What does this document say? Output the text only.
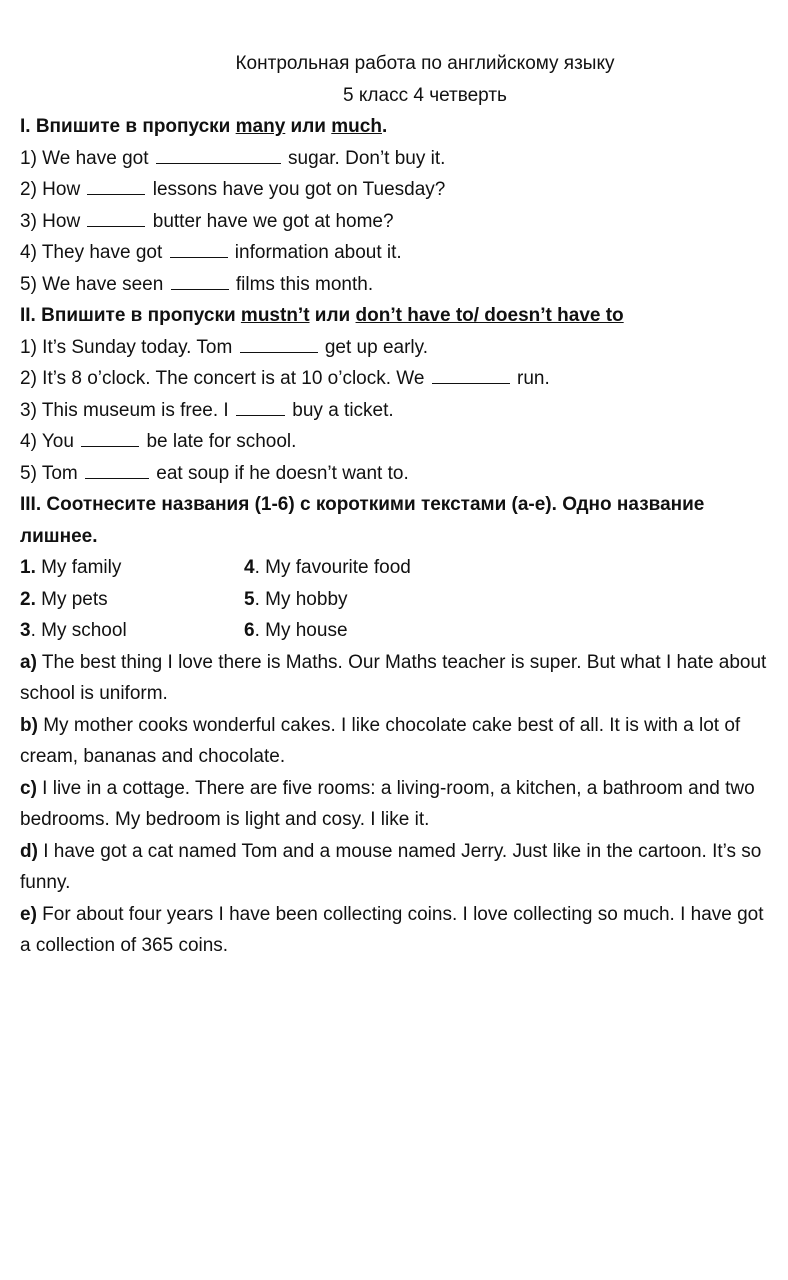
Контрольная работа по английскому языку
5 класс 4 четверть
I. Впишите в пропуски many или much.
1) We have got	sugar. Don’t buy it.
2) How	lessons have you got on Tuesday?
3) How	butter have we got at home?
4) They have got	information about it.
5) We have seen	films this month.
II. Впишите в пропуски mustn’t или don’t have to/ doesn’t have to
1) It’s Sunday today. Tom	get up early.
2) It’s 8 o’clock. The concert is at 10 o’clock. We	run.
3) This museum is free. I	buy a ticket.
4) You	be late for school.
5) Tom	eat soup if he doesn’t want to.
III. Соотнесите названия (1-6) с короткими текстами (a-e). Одно название
лишнее.
1. My family	4. My favourite food
2. My pets	5. My hobby
3. My school	6. My house
a) The best thing I love there is Maths. Our Maths teacher is super. But what I hate about school is uniform.
b) My mother cooks wonderful cakes. I like chocolate cake best of all. It is with a lot of cream, bananas and chocolate.
c) I live in a cottage. There are five rooms: a living-room, a kitchen, a bathroom and two bedrooms. My bedroom is light and cosy. I like it.
d) I have got a cat named Tom and a mouse named Jerry. Just like in the cartoon. It’s so funny.
e) For about four years I have been collecting coins. I love collecting so much. I have got a collection of 365 coins.
